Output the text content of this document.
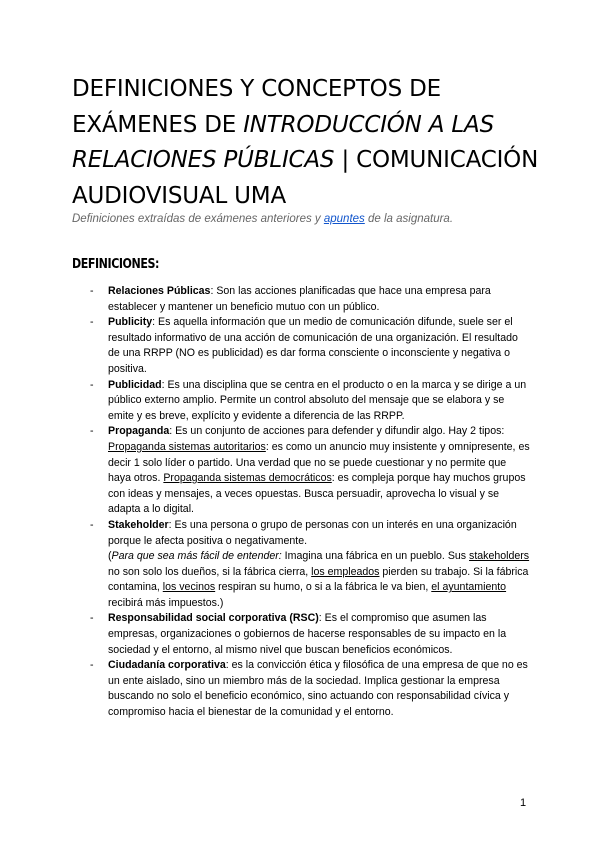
DEFINICIONES Y CONCEPTOS DE EXÁMENES DE INTRODUCCIÓN A LAS RELACIONES PÚBLICAS | COMUNICACIÓN AUDIOVISUAL UMA

Definiciones extraídas de exámenes anteriores y apuntes de la asignatura.

DEFINICIONES:
- Relaciones Públicas: Son las acciones planificadas que hace una empresa para establecer y mantener un beneficio mutuo con un público.
- Publicity: Es aquella información que un medio de comunicación difunde, suele ser el resultado informativo de una acción de comunicación de una organización. El resultado de una RRPP (NO es publicidad) es dar forma consciente o inconsciente y negativa o positiva.
- Publicidad: Es una disciplina que se centra en el producto o en la marca y se dirige a un público externo amplio. Permite un control absoluto del mensaje que se elabora y se emite y es breve, explícito y evidente a diferencia de las RRPP.
- Propaganda: Es un conjunto de acciones para defender y difundir algo. Hay 2 tipos: Propaganda sistemas autoritarios: es como un anuncio muy insistente y omnipresente, es decir 1 solo líder o partido. Una verdad que no se puede cuestionar y no permite que haya otros. Propaganda sistemas democráticos: es compleja porque hay muchos grupos con ideas y mensajes, a veces opuestas. Busca persuadir, aprovecha lo visual y se adapta a lo digital.
- Stakeholder: Es una persona o grupo de personas con un interés en una organización porque le afecta positiva o negativamente.
(Para que sea más fácil de entender: Imagina una fábrica en un pueblo. Sus stakeholders no son solo los dueños, si la fábrica cierra, los empleados pierden su trabajo. Si la fábrica contamina, los vecinos respiran su humo, o si a la fábrica le va bien, el ayuntamiento recibirá más impuestos.)
- Responsabilidad social corporativa (RSC): Es el compromiso que asumen las empresas, organizaciones o gobiernos de hacerse responsables de su impacto en la sociedad y el entorno, al mismo nivel que buscan beneficios económicos.
- Ciudadanía corporativa: es la convicción ética y filosófica de una empresa de que no es un ente aislado, sino un miembro más de la sociedad. Implica gestionar la empresa buscando no solo el beneficio económico, sino actuando con responsabilidad cívica y compromiso hacia el bienestar de la comunidad y el entorno.
1
